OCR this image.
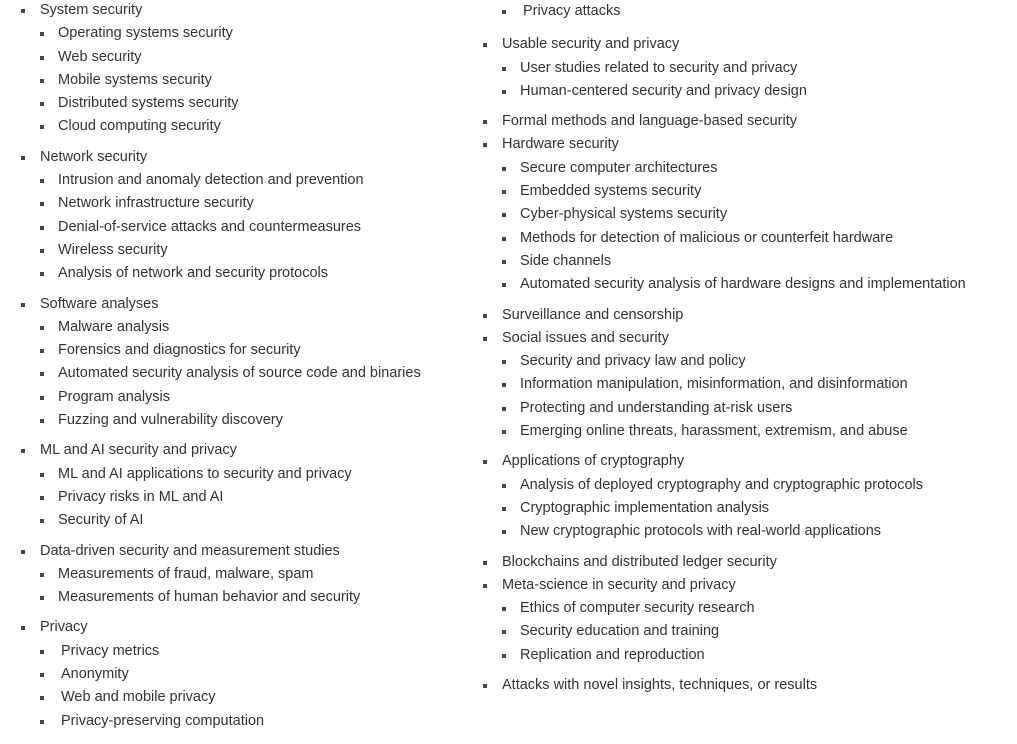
System security
Operating systems security
Web security
Mobile systems security
Distributed systems security
Cloud computing security
Network security
Intrusion and anomaly detection and prevention
Network infrastructure security
Denial-of-service attacks and countermeasures
Wireless security
Analysis of network and security protocols
Software analyses
Malware analysis
Forensics and diagnostics for security
Automated security analysis of source code and binaries
Program analysis
Fuzzing and vulnerability discovery
ML and AI security and privacy
ML and AI applications to security and privacy
Privacy risks in ML and AI
Security of AI
Data-driven security and measurement studies
Measurements of fraud, malware, spam
Measurements of human behavior and security
Privacy
Privacy metrics
Anonymity
Web and mobile privacy
Privacy-preserving computation
Privacy attacks
Usable security and privacy
User studies related to security and privacy
Human-centered security and privacy design
Formal methods and language-based security
Hardware security
Secure computer architectures
Embedded systems security
Cyber-physical systems security
Methods for detection of malicious or counterfeit hardware
Side channels
Automated security analysis of hardware designs and implementation
Surveillance and censorship
Social issues and security
Security and privacy law and policy
Information manipulation, misinformation, and disinformation
Protecting and understanding at-risk users
Emerging online threats, harassment, extremism, and abuse
Applications of cryptography
Analysis of deployed cryptography and cryptographic protocols
Cryptographic implementation analysis
New cryptographic protocols with real-world applications
Blockchains and distributed ledger security
Meta-science in security and privacy
Ethics of computer security research
Security education and training
Replication and reproduction
Attacks with novel insights, techniques, or results
